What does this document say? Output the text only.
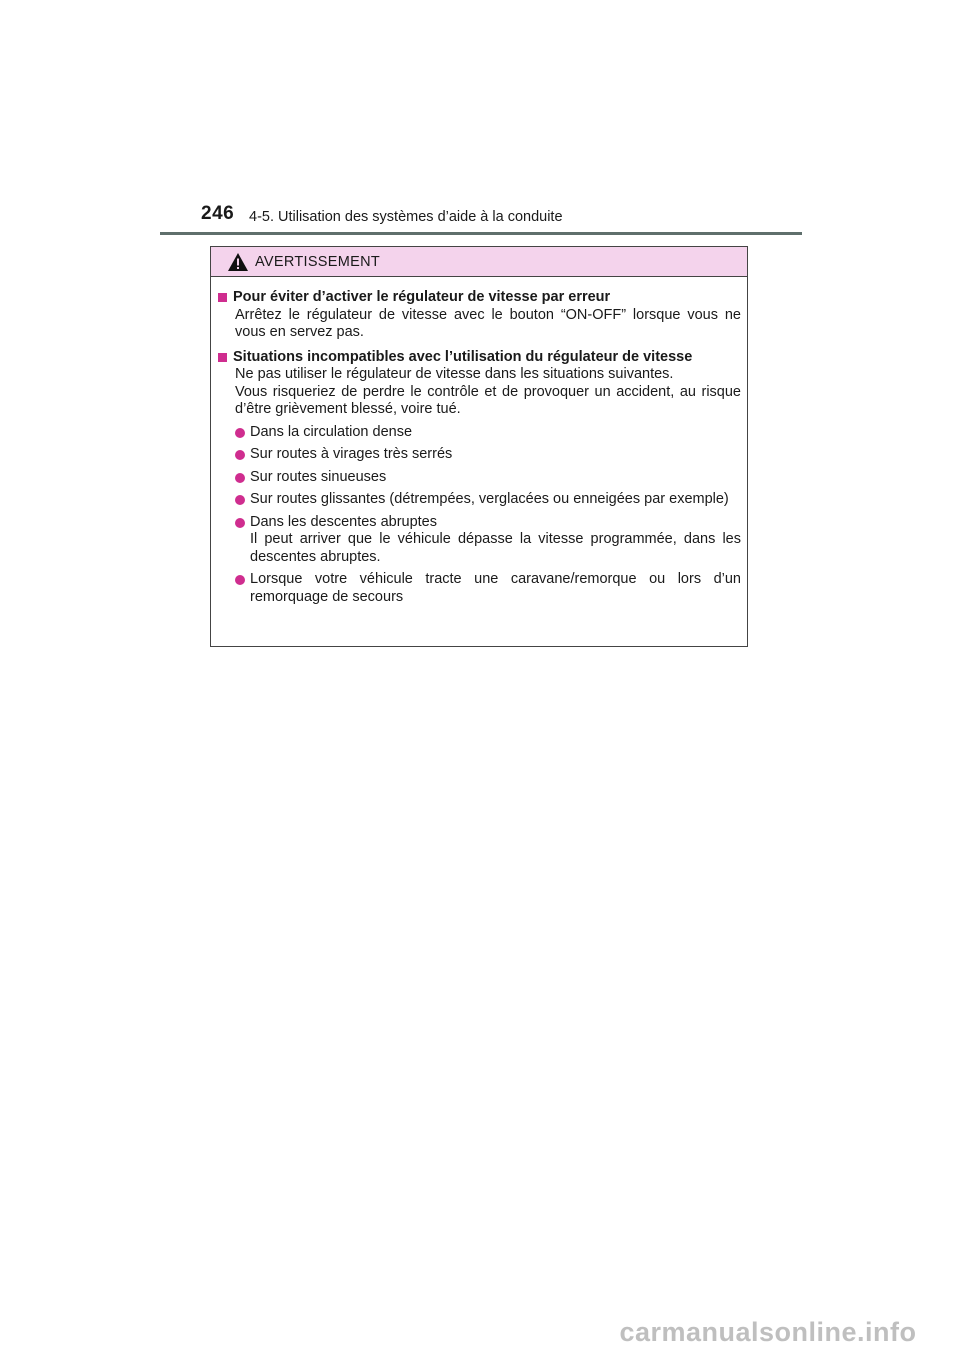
246 4-5. Utilisation des systèmes d’aide à la conduite
AVERTISSEMENT
Pour éviter d’activer le régulateur de vitesse par erreur
Arrêtez le régulateur de vitesse avec le bouton “ON-OFF” lorsque vous ne vous en servez pas.
Situations incompatibles avec l’utilisation du régulateur de vitesse
Ne pas utiliser le régulateur de vitesse dans les situations suivantes.
Vous risqueriez de perdre le contrôle et de provoquer un accident, au risque d’être grièvement blessé, voire tué.
Dans la circulation dense
Sur routes à virages très serrés
Sur routes sinueuses
Sur routes glissantes (détrempées, verglacées ou enneigées par exemple)
Dans les descentes abruptes
Il peut arriver que le véhicule dépasse la vitesse programmée, dans les descentes abruptes.
Lorsque votre véhicule tracte une caravane/remorque ou lors d’un remorquage de secours
carmanualsonline.info
